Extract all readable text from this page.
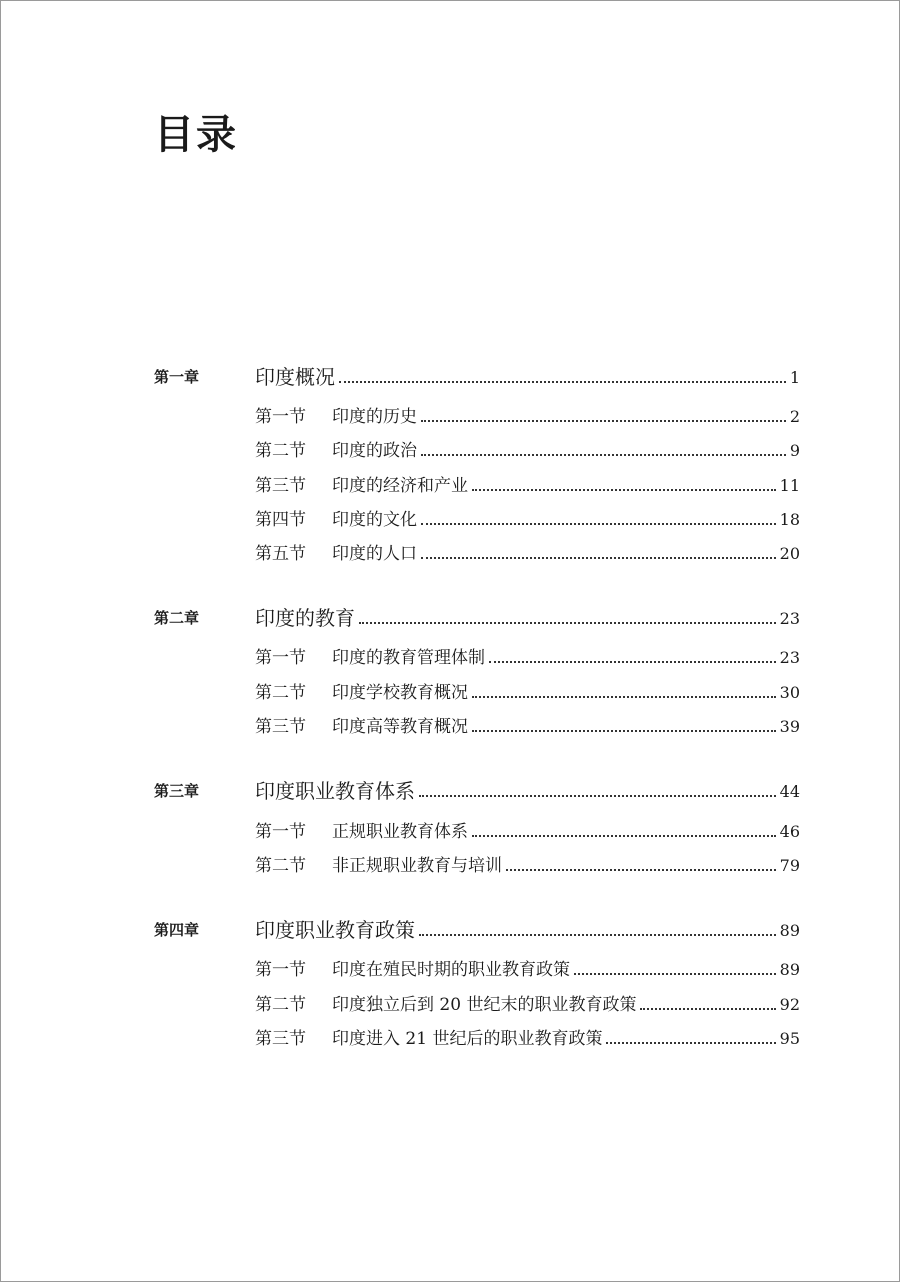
目录
第一章	印度概况	1
第一节	印度的历史	2
第二节	印度的政治	9
第三节	印度的经济和产业	11
第四节	印度的文化	18
第五节	印度的人口	20
第二章	印度的教育	23
第一节	印度的教育管理体制	23
第二节	印度学校教育概况	30
第三节	印度高等教育概况	39
第三章	印度职业教育体系	44
第一节	正规职业教育体系	46
第二节	非正规职业教育与培训	79
第四章	印度职业教育政策	89
第一节	印度在殖民时期的职业教育政策	89
第二节	印度独立后到 20 世纪末的职业教育政策	92
第三节	印度进入 21 世纪后的职业教育政策	95
